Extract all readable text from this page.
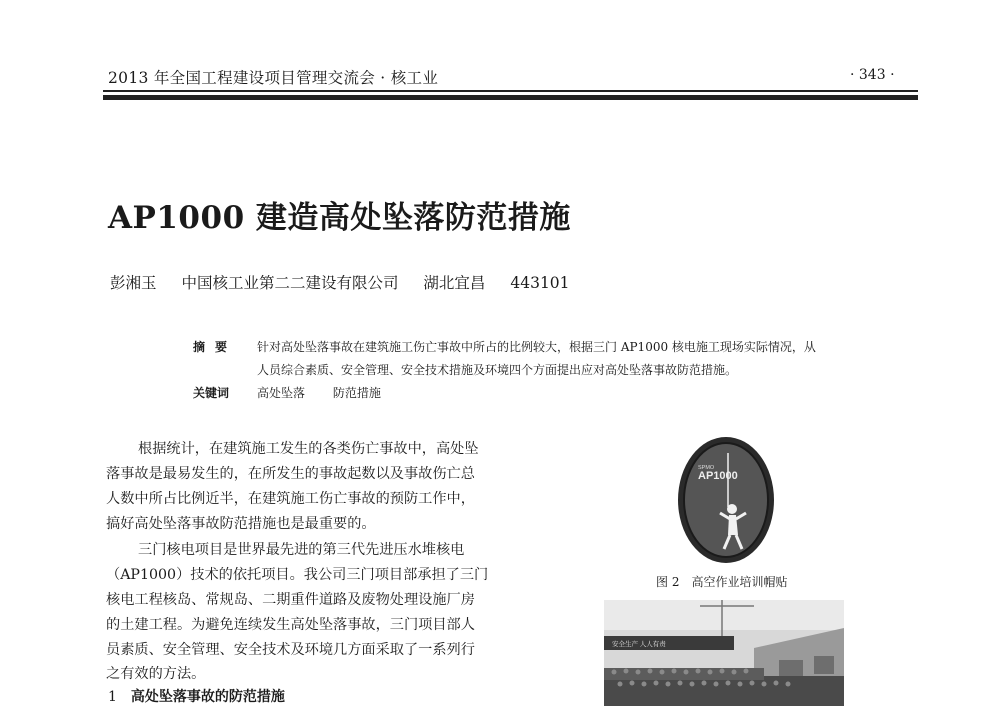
2013 年全国工程建设项目管理交流会 · 核工业	· 343 ·
AP1000 建造高处坠落防范措施
彭湘玉 中国核工业第二二建设有限公司 湖北宜昌 443101
摘要 针对高处坠落事故在建筑施工伤亡事故中所占的比例较大，根据三门 AP1000 核电施工现场实际情况，从
人员综合素质、安全管理、安全技术措施及环境四个方面提出应对高处坠落事故防范措施。
关键词 高处坠落 防范措施
根据统计，在建筑施工发生的各类伤亡事故中，高处坠
落事故是最易发生的，在所发生的事故起数以及事故伤亡总
人数中所占比例近半，在建筑施工伤亡事故的预防工作中，
搞好高处坠落事故防范措施也是最重要的。
三门核电项目是世界最先进的第三代先进压水堆核电
（AP1000）技术的依托项目。我公司三门项目部承担了三门
核电工程核岛、常规岛、二期重件道路及废物处理设施厂房
的土建工程。为避免连续发生高处坠落事故，三门项目部人
员素质、安全管理、安全技术及环境几方面采取了一系列行
之有效的方法。
1 高处坠落事故的防范措施
SPMO
AP1000
图 2 高空作业培训帽贴
安全生产 人人有责
